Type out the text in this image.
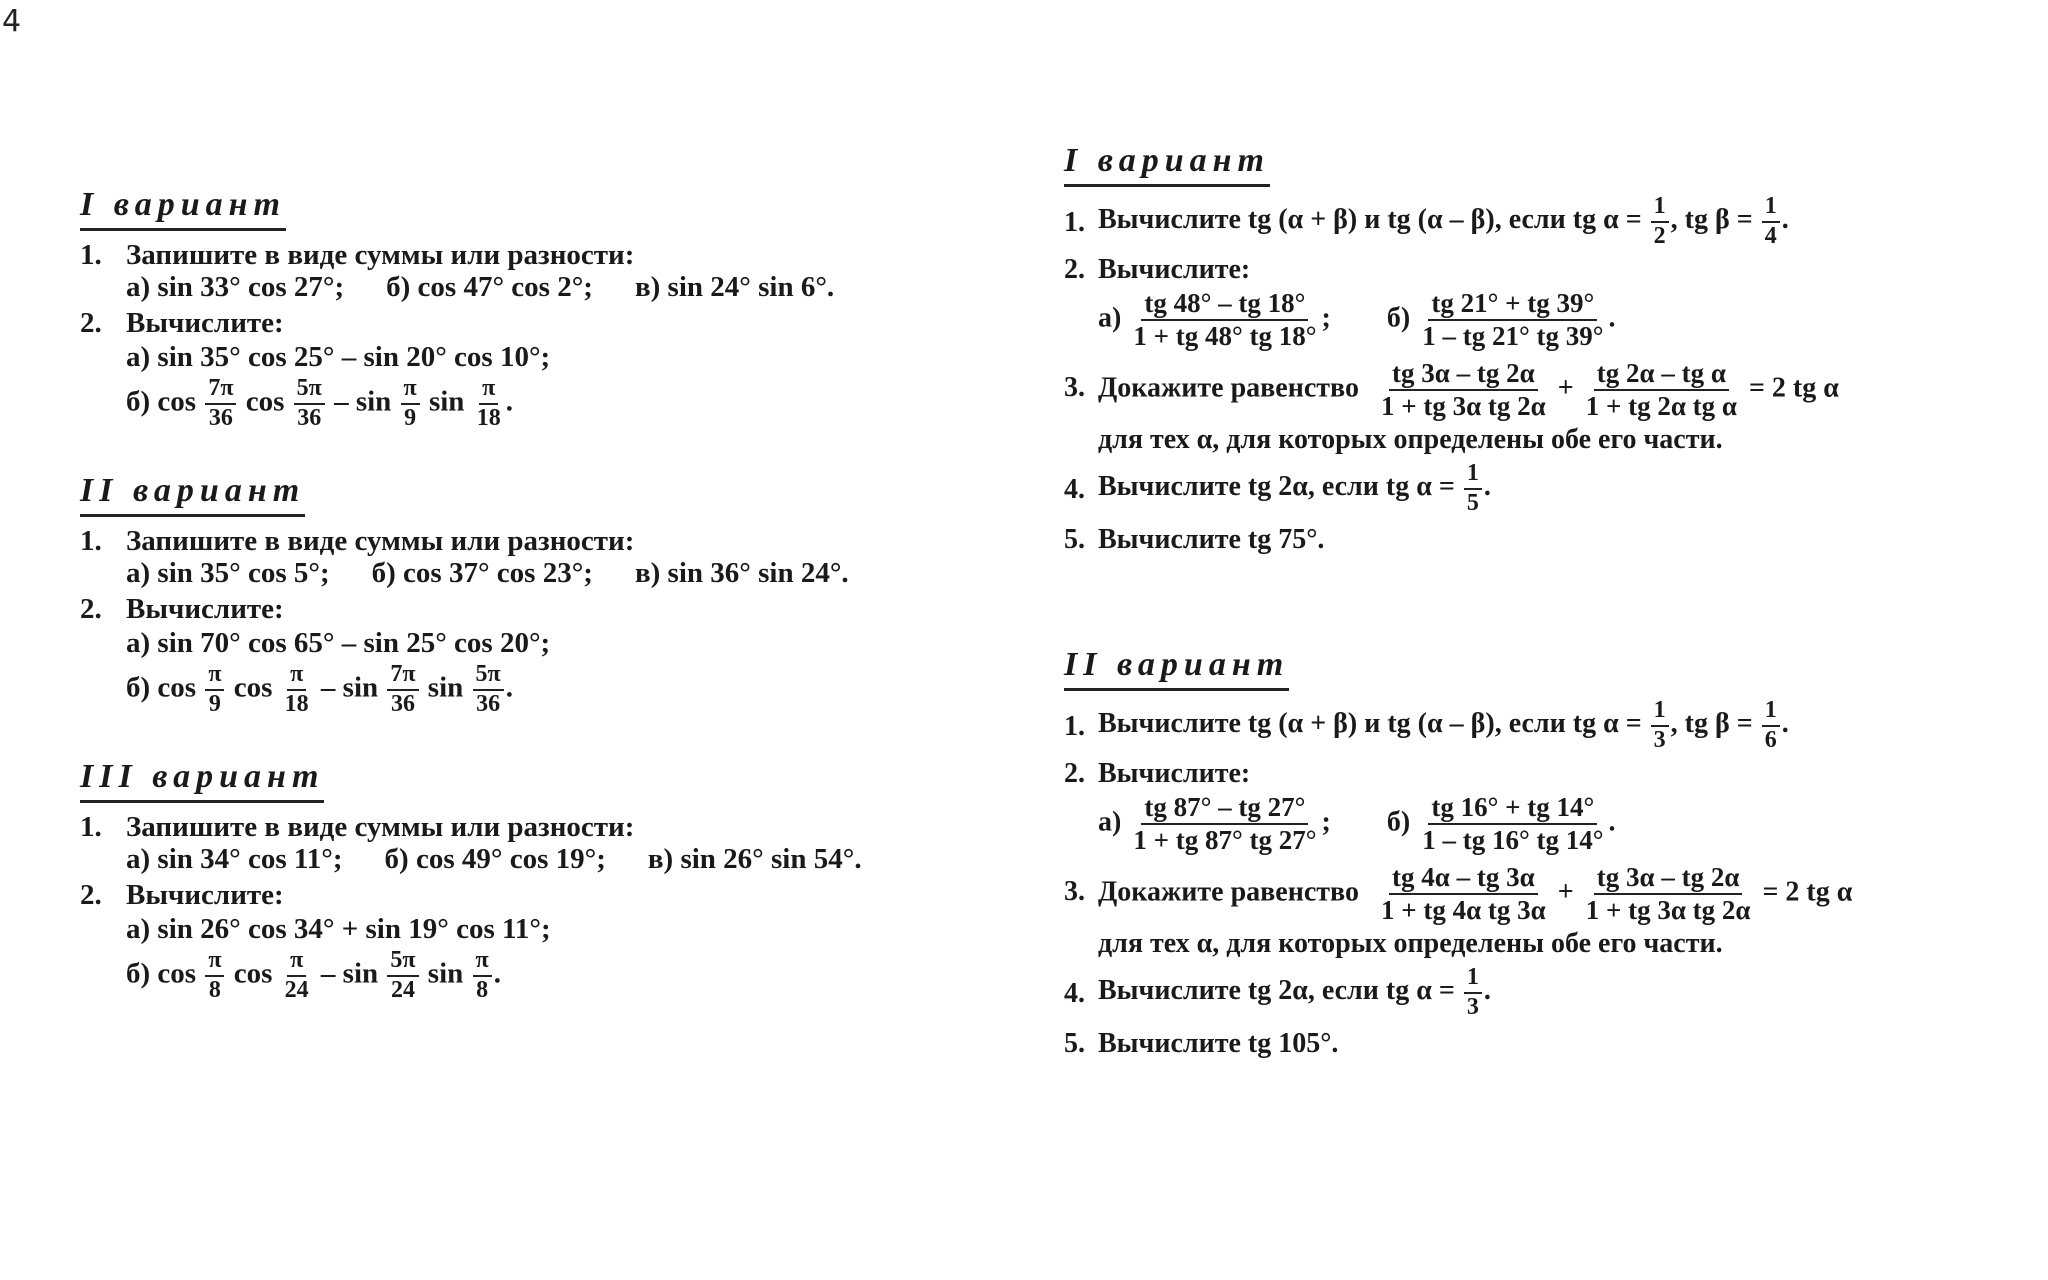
4
I вариант
1. Запишите в виде суммы или разности:
а) sin 33° cos 27°; б) cos 47° cos 2°; в) sin 24° sin 6°.
2. Вычислите:
а) sin 35° cos 25° – sin 20° cos 10°;
б) $\cos \frac{7\pi}{36}$ $\cos \frac{5\pi}{36}$ – $\sin \frac{\pi}{9}$ $\sin \frac{\pi}{18}$ .
II вариант
1. Запишите в виде суммы или разности:
а) sin 35° cos 5°; б) cos 37° cos 23°; в) sin 36° sin 24°.
2. Вычислите:
а) sin 70° cos 65° – sin 25° cos 20°;
б) $\cos \frac{\pi}{9}$ $\cos \frac{\pi}{18}$ – $\sin \frac{7\pi}{36}$ $\sin \frac{5\pi}{36}$ .
III вариант
1. Запишите в виде суммы или разности:
а) sin 34° cos 11°; б) cos 49° cos 19°; в) sin 26° sin 54°.
2. Вычислите:
а) sin 26° cos 34° + sin 19° cos 11°;
б) $\cos \frac{\pi}{8}$ $\cos \frac{\pi}{24}$ – $\sin \frac{5\pi}{24}$ $\sin \frac{\pi}{8}$ .
I вариант
1. Вычислите tg (α + β) и tg (α – β), если tg $\alpha = \frac{1}{2}$ , tg $\beta = \frac{1}{4}$ .
2. Вычислите:
$а) \frac{tg 48^\circ - tg 18^\circ}{1 + tg 48^\circ tg 18^\circ}$ ; $б) \frac{tg 21^\circ + tg 39^\circ}{1 - tg 21^\circ tg 39^\circ}$ .
3. Докажите равенство $\frac{tg 3\alpha - tg 2\alpha}{\text{1 + tg 3α tg 2α}} + \frac{\text{tg 2α – tg α}}{\text{1 + tg 2α tg α}} = 2$ tg α
для тех α, для которых определены обе его части.
4. Вычислите tg 2α, если tg $\alpha = \frac{1}{5}$ .
5. Вычислите tg 75°.
II вариант
1. Вычислите tg (α + β) и tg (α – β), если tg $\alpha = \frac{1}{3}$ , tg $\beta = \frac{1}{6}$ .
2. Вычислите:
$а) \frac{tg 87^\circ - tg 27^\circ}{1 + tg 87^\circ tg 27^\circ}$ ; $б) \frac{tg 16^\circ + tg 14^\circ}{1 - tg 16^\circ tg 14^\circ}$ .
3. Докажите равенство $\frac{tg 4\alpha - tg 3\alpha}{\text{1 + tg 4α tg 3α}} + \frac{tg 3\alpha - tg 2\alpha}{\text{1 + tg 3α tg 2α}} = 2$ tg α
для тех α, для которых определены обе его части.
4. Вычислите tg 2α, если tg $\alpha = \frac{1}{3}$ .
5. Вычислите tg 105°.
